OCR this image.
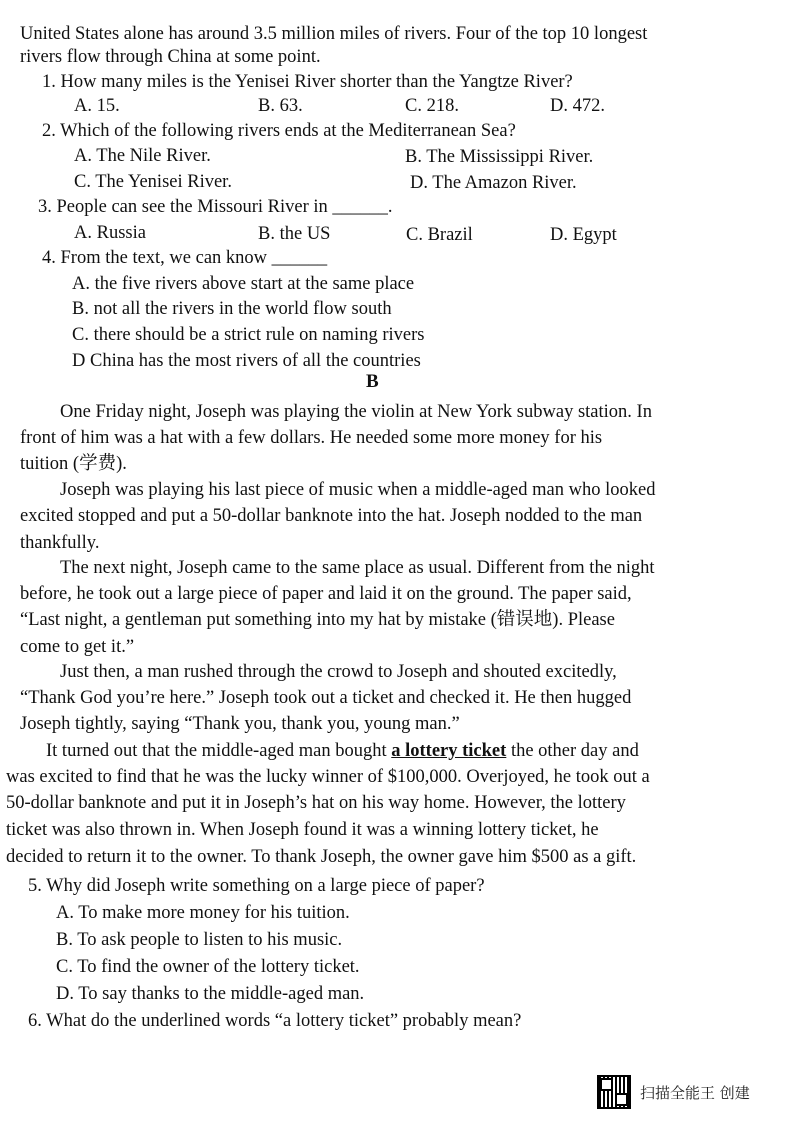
United States alone has around 3.5 million miles of rivers. Four of the top 10 longest
rivers flow through China at some point.
1. How many miles is the Yenisei River shorter than the Yangtze River?
A. 15.	B. 63.	C. 218.	D. 472.
2. Which of the following rivers ends at the Mediterranean Sea?
A. The Nile River.	B. The Mississippi River.
C. The Yenisei River.	D. The Amazon River.
3. People can see the Missouri River in ______.
A. Russia	B. the US	C. Brazil	D. Egypt
4. From the text, we can know ______
A. the five rivers above start at the same place
B. not all the rivers in the world flow south
C. there should be a strict rule on naming rivers
D China has the most rivers of all the countries
B
One Friday night, Joseph was playing the violin at New York subway station. In
front of him was a hat with a few dollars. He needed some more money for his
tuition (学费).
Joseph was playing his last piece of music when a middle-aged man who looked
excited stopped and put a 50-dollar banknote into the hat. Joseph nodded to the man
thankfully.
The next night, Joseph came to the same place as usual. Different from the night
before, he took out a large piece of paper and laid it on the ground. The paper said,
“Last night, a gentleman put something into my hat by mistake (错误地). Please
come to get it.”
Just then, a man rushed through the crowd to Joseph and shouted excitedly,
“Thank God you’re here.” Joseph took out a ticket and checked it. He then hugged
Joseph tightly, saying “Thank you, thank you, young man.”
It turned out that the middle-aged man bought a lottery ticket the other day and
was excited to find that he was the lucky winner of $100,000. Overjoyed, he took out a
50-dollar banknote and put it in Joseph’s hat on his way home. However, the lottery
ticket was also thrown in. When Joseph found it was a winning lottery ticket, he
decided to return it to the owner. To thank Joseph, the owner gave him $500 as a gift.
5. Why did Joseph write something on a large piece of paper?
A. To make more money for his tuition.
B. To ask people to listen to his music.
C. To find the owner of the lottery ticket.
D. To say thanks to the middle-aged man.
6. What do the underlined words “a lottery ticket” probably mean?
扫描全能王 创建
